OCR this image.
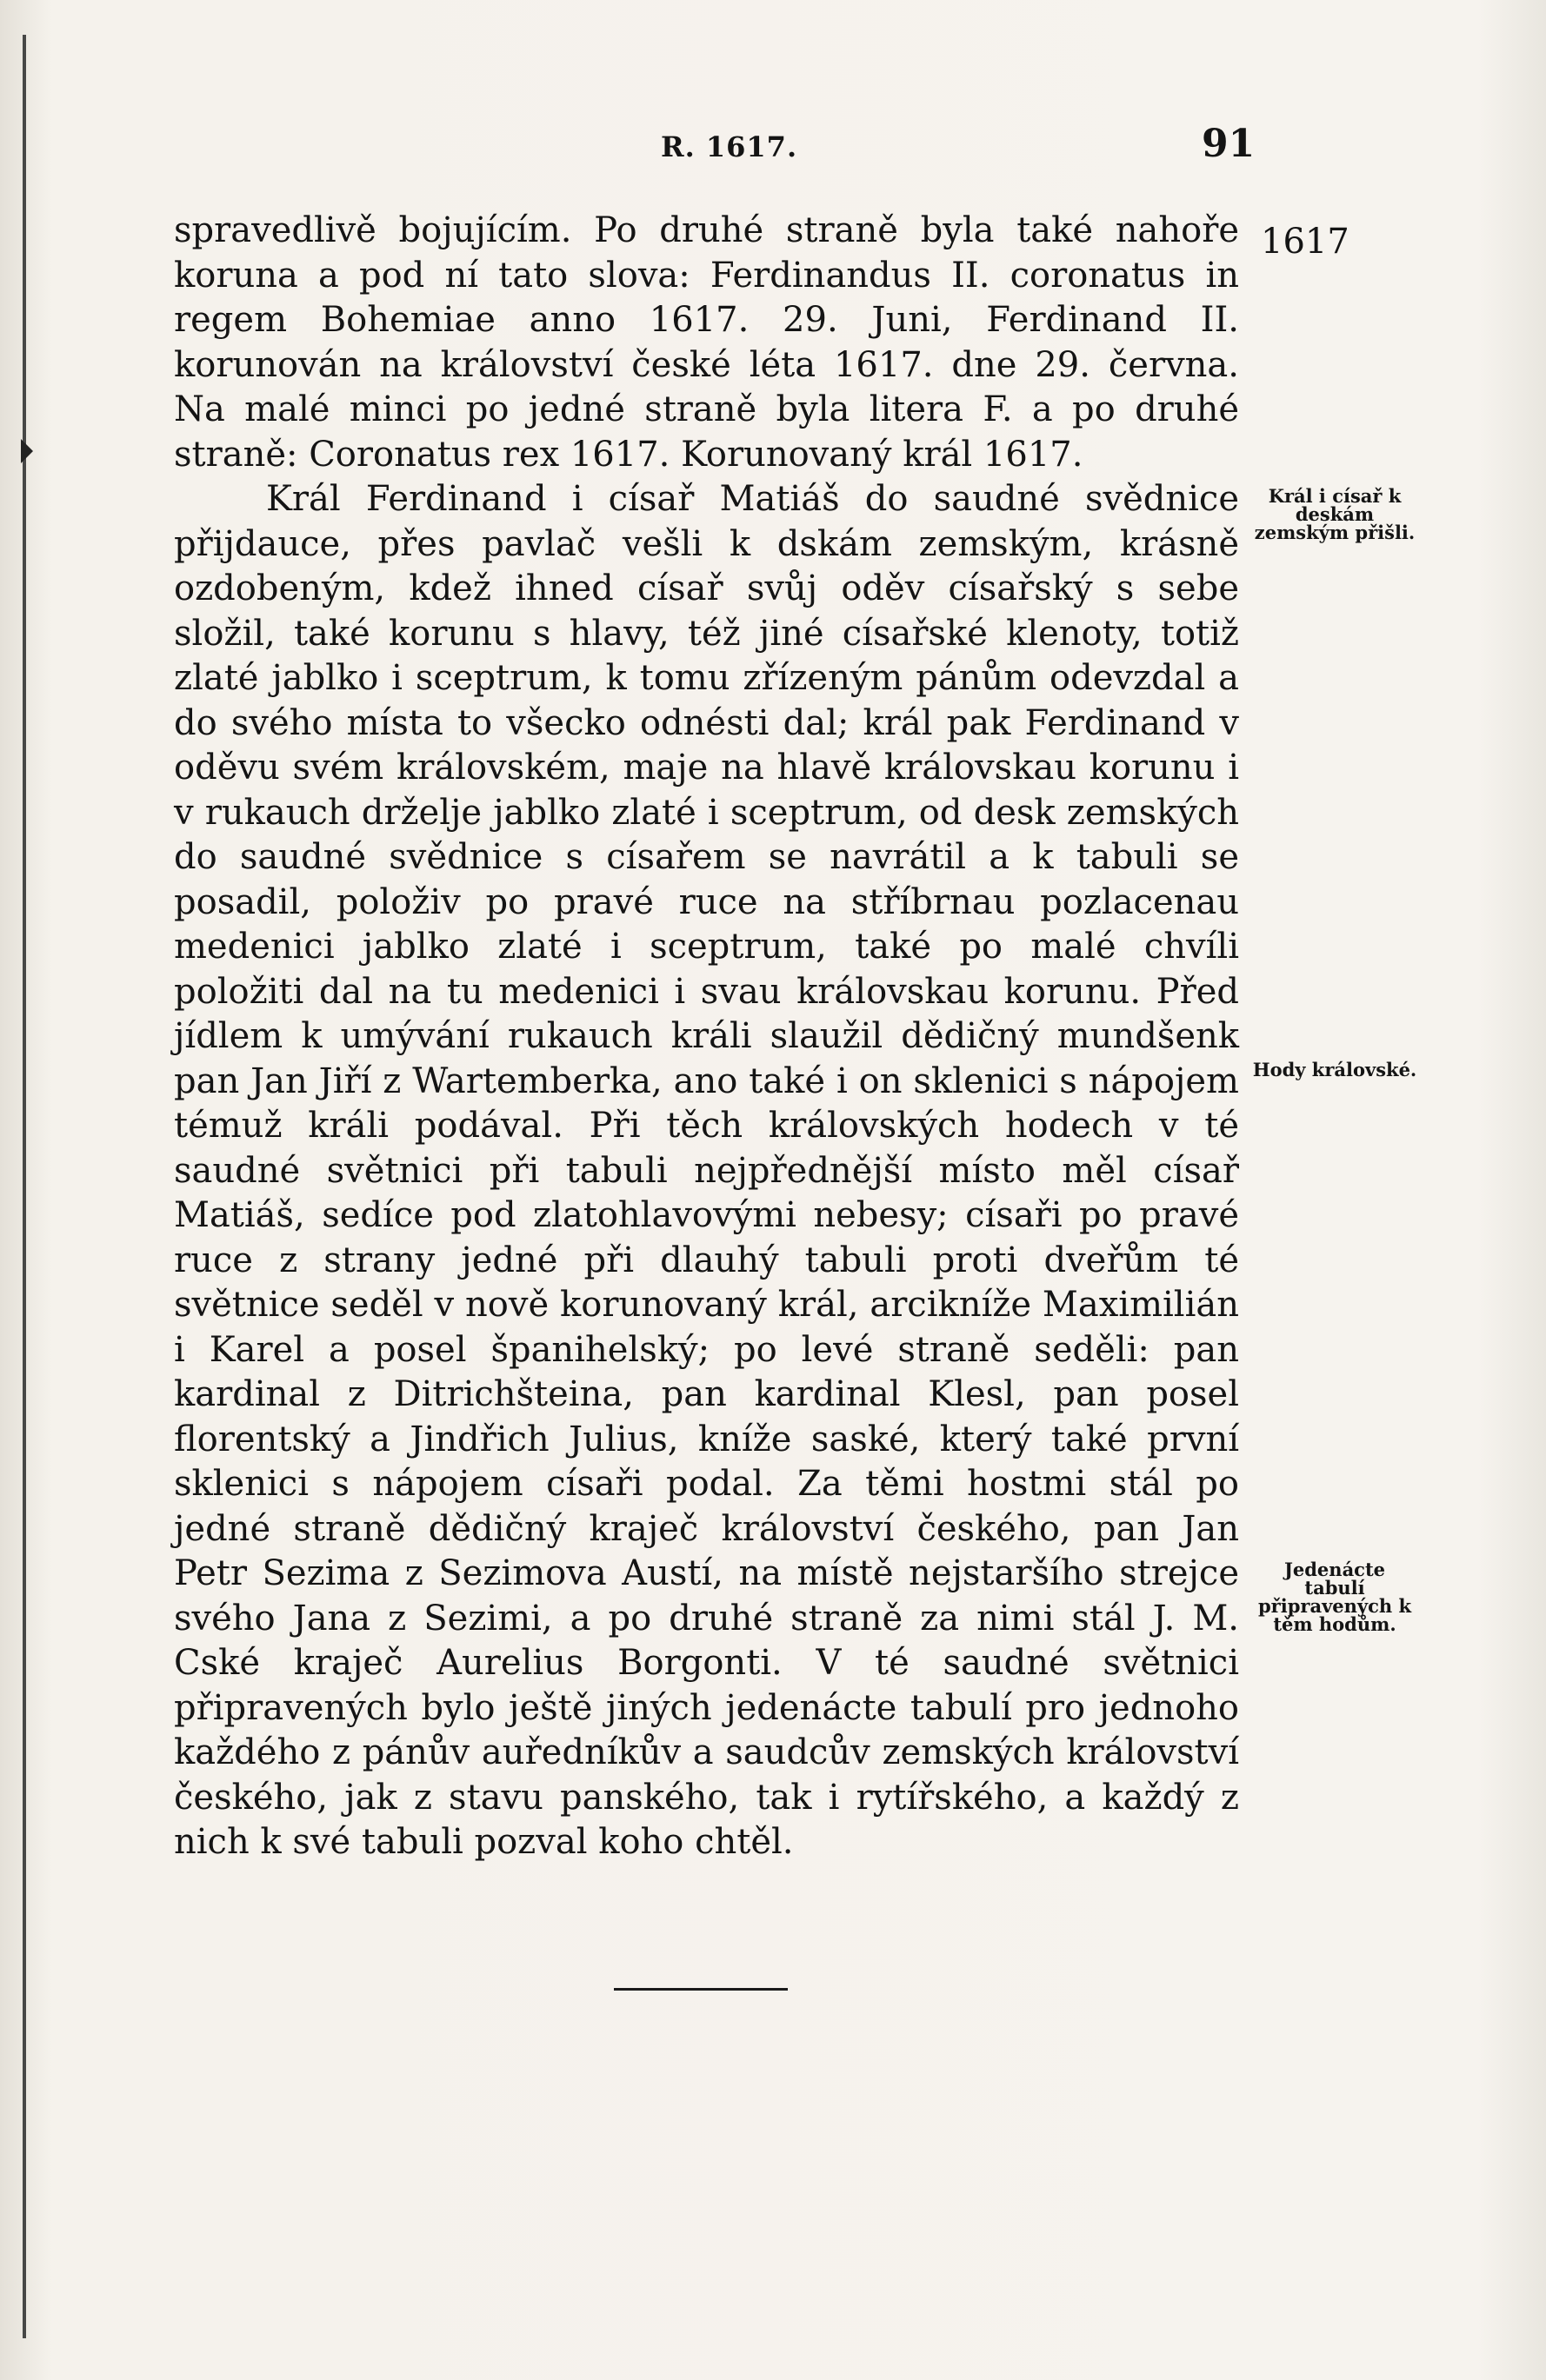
R. 1617.	91
1617
Král i císař k deskám zemským přišli.
Hody královské.
Jedenácte tabulí připravených k těm hodům.

spravedlivě bojujícím. Po druhé straně byla také nahoře koruna a pod ní tato slova: Ferdinandus II. coronatus in regem Bohemiae anno 1617. 29. Juni, Ferdinand II. korunován na království české léta 1617. dne 29. června. Na malé minci po jedné straně byla litera F. a po druhé straně: Coronatus rex 1617. Korunovaný král 1617.

Král Ferdinand i císař Matiáš do saudné svědnice přijdauce, přes pavlač vešli k dskám zemským, krásně ozdobeným, kdež ihned císař svůj oděv císařský s sebe složil, také korunu s hlavy, též jiné císařské klenoty, totiž zlaté jablko i sceptrum, k tomu zřízeným pánům odevzdal a do svého místa to všecko odnésti dal; král pak Ferdinand v oděvu svém královském, maje na hlavě královskau korunu i v rukauch drželje jablko zlaté i sceptrum, od desk zemských do saudné svědnice s císařem se navrátil a k tabuli se posadil, položiv po pravé ruce na stříbrnau pozlacenau medenici jablko zlaté i sceptrum, také po malé chvíli položiti dal na tu medenici i svau královskau korunu. Před jídlem k umývání rukauch králi slaužil dědičný mundšenk pan Jan Jiří z Wartemberka, ano také i on sklenici s nápojem témuž králi podával. Při těch královských hodech v té saudné světnici při tabuli nejpřednější místo měl císař Matiáš, sedíce pod zlatohlavovými nebesy; císaři po pravé ruce z strany jedné při dlauhý tabuli proti dveřům té světnice seděl v nově korunovaný král, arcikníže Maximilián i Karel a posel španihelský; po levé straně seděli: pan kardinal z Ditrichšteina, pan kardinal Klesl, pan posel florentský a Jindřich Julius, kníže saské, který také první sklenici s nápojem císaři podal. Za těmi hostmi stál po jedné straně dědičný kraječ království českého, pan Jan Petr Sezima z Sezimova Austí, na místě nejstaršího strejce svého Jana z Sezimi, a po druhé straně za nimi stál J. M. Cské kraječ Aurelius Borgonti. V té saudné světnici připravených bylo ještě jiných jedenácte tabulí pro jednoho každého z pánův auředníkův a saudcův zemských království českého, jak z stavu panského, tak i rytířského, a každý z nich k své tabuli pozval koho chtěl.
